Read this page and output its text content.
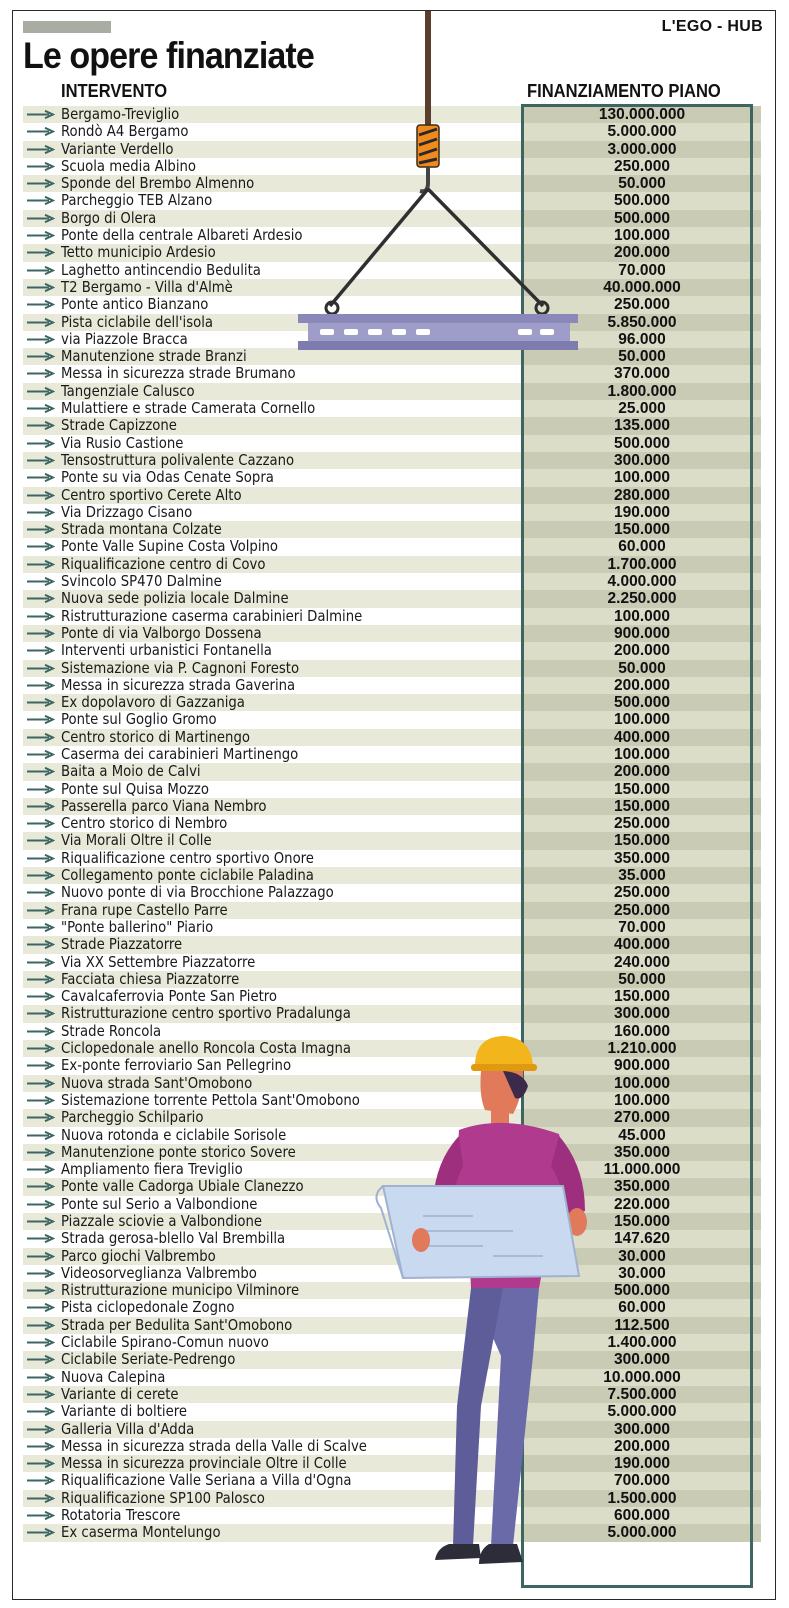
L'EGO - HUB
Le opere finanziate
INTERVENTO	FINANZIAMENTO PIANO
Bergamo-Treviglio	130.000.000
Rondò A4 Bergamo	5.000.000
Variante Verdello	3.000.000
Scuola media Albino	250.000
Sponde del Brembo Almenno	50.000
Parcheggio TEB Alzano	500.000
Borgo di Olera	500.000
Ponte della centrale Albareti Ardesio	100.000
Tetto municipio Ardesio	200.000
Laghetto antincendio Bedulita	70.000
T2 Bergamo - Villa d'Almè	40.000.000
Ponte antico Bianzano	250.000
Pista ciclabile dell'isola	5.850.000
via Piazzole Bracca	96.000
Manutenzione strade Branzi	50.000
Messa in sicurezza strade Brumano	370.000
Tangenziale Calusco	1.800.000
Mulattiere e strade Camerata Cornello	25.000
Strade Capizzone	135.000
Via Rusio Castione	500.000
Tensostruttura polivalente Cazzano	300.000
Ponte su via Odas Cenate Sopra	100.000
Centro sportivo Cerete Alto	280.000
Via Drizzago Cisano	190.000
Strada montana Colzate	150.000
Ponte Valle Supine Costa Volpino	60.000
Riqualificazione centro di Covo	1.700.000
Svincolo SP470 Dalmine	4.000.000
Nuova sede polizia locale Dalmine	2.250.000
Ristrutturazione caserma carabinieri Dalmine	100.000
Ponte di via Valborgo Dossena	900.000
Interventi urbanistici Fontanella	200.000
Sistemazione via P. Cagnoni Foresto	50.000
Messa in sicurezza strada Gaverina	200.000
Ex dopolavoro di Gazzaniga	500.000
Ponte sul Goglio Gromo	100.000
Centro storico di Martinengo	400.000
Caserma dei carabinieri Martinengo	100.000
Baita a Moio de Calvi	200.000
Ponte sul Quisa Mozzo	150.000
Passerella parco Viana Nembro	150.000
Centro storico di Nembro	250.000
Via Morali Oltre il Colle	150.000
Riqualificazione centro sportivo Onore	350.000
Collegamento ponte ciclabile Paladina	35.000
Nuovo ponte di via Brocchione Palazzago	250.000
Frana rupe Castello Parre	250.000
"Ponte ballerino" Piario	70.000
Strade Piazzatorre	400.000
Via XX Settembre Piazzatorre	240.000
Facciata chiesa Piazzatorre	50.000
Cavalcaferrovia Ponte San Pietro	150.000
Ristrutturazione centro sportivo Pradalunga	300.000
Strade Roncola	160.000
Ciclopedonale anello Roncola Costa Imagna	1.210.000
Ex-ponte ferroviario San Pellegrino	900.000
Nuova strada Sant'Omobono	100.000
Sistemazione torrente Pettola Sant'Omobono	100.000
Parcheggio Schilpario	270.000
Nuova rotonda e ciclabile Sorisole	45.000
Manutenzione ponte storico Sovere	350.000
Ampliamento fiera Treviglio	11.000.000
Ponte valle Cadorga Ubiale Clanezzo	350.000
Ponte sul Serio a Valbondione	220.000
Piazzale sciovie a Valbondione	150.000
Strada gerosa-blello Val Brembilla	147.620
Parco giochi Valbrembo	30.000
Videosorveglianza Valbrembo	30.000
Ristrutturazione municipo Vilminore	500.000
Pista ciclopedonale Zogno	60.000
Strada per Bedulita Sant'Omobono	112.500
Ciclabile Spirano-Comun nuovo	1.400.000
Ciclabile Seriate-Pedrengo	300.000
Nuova Calepina	10.000.000
Variante di cerete	7.500.000
Variante di boltiere	5.000.000
Galleria Villa d'Adda	300.000
Messa in sicurezza strada della Valle di Scalve	200.000
Messa in sicurezza provinciale Oltre il Colle	190.000
Riqualificazione Valle Seriana a Villa d'Ogna	700.000
Riqualificazione SP100 Palosco	1.500.000
Rotatoria Trescore	600.000
Ex caserma Montelungo	5.000.000
